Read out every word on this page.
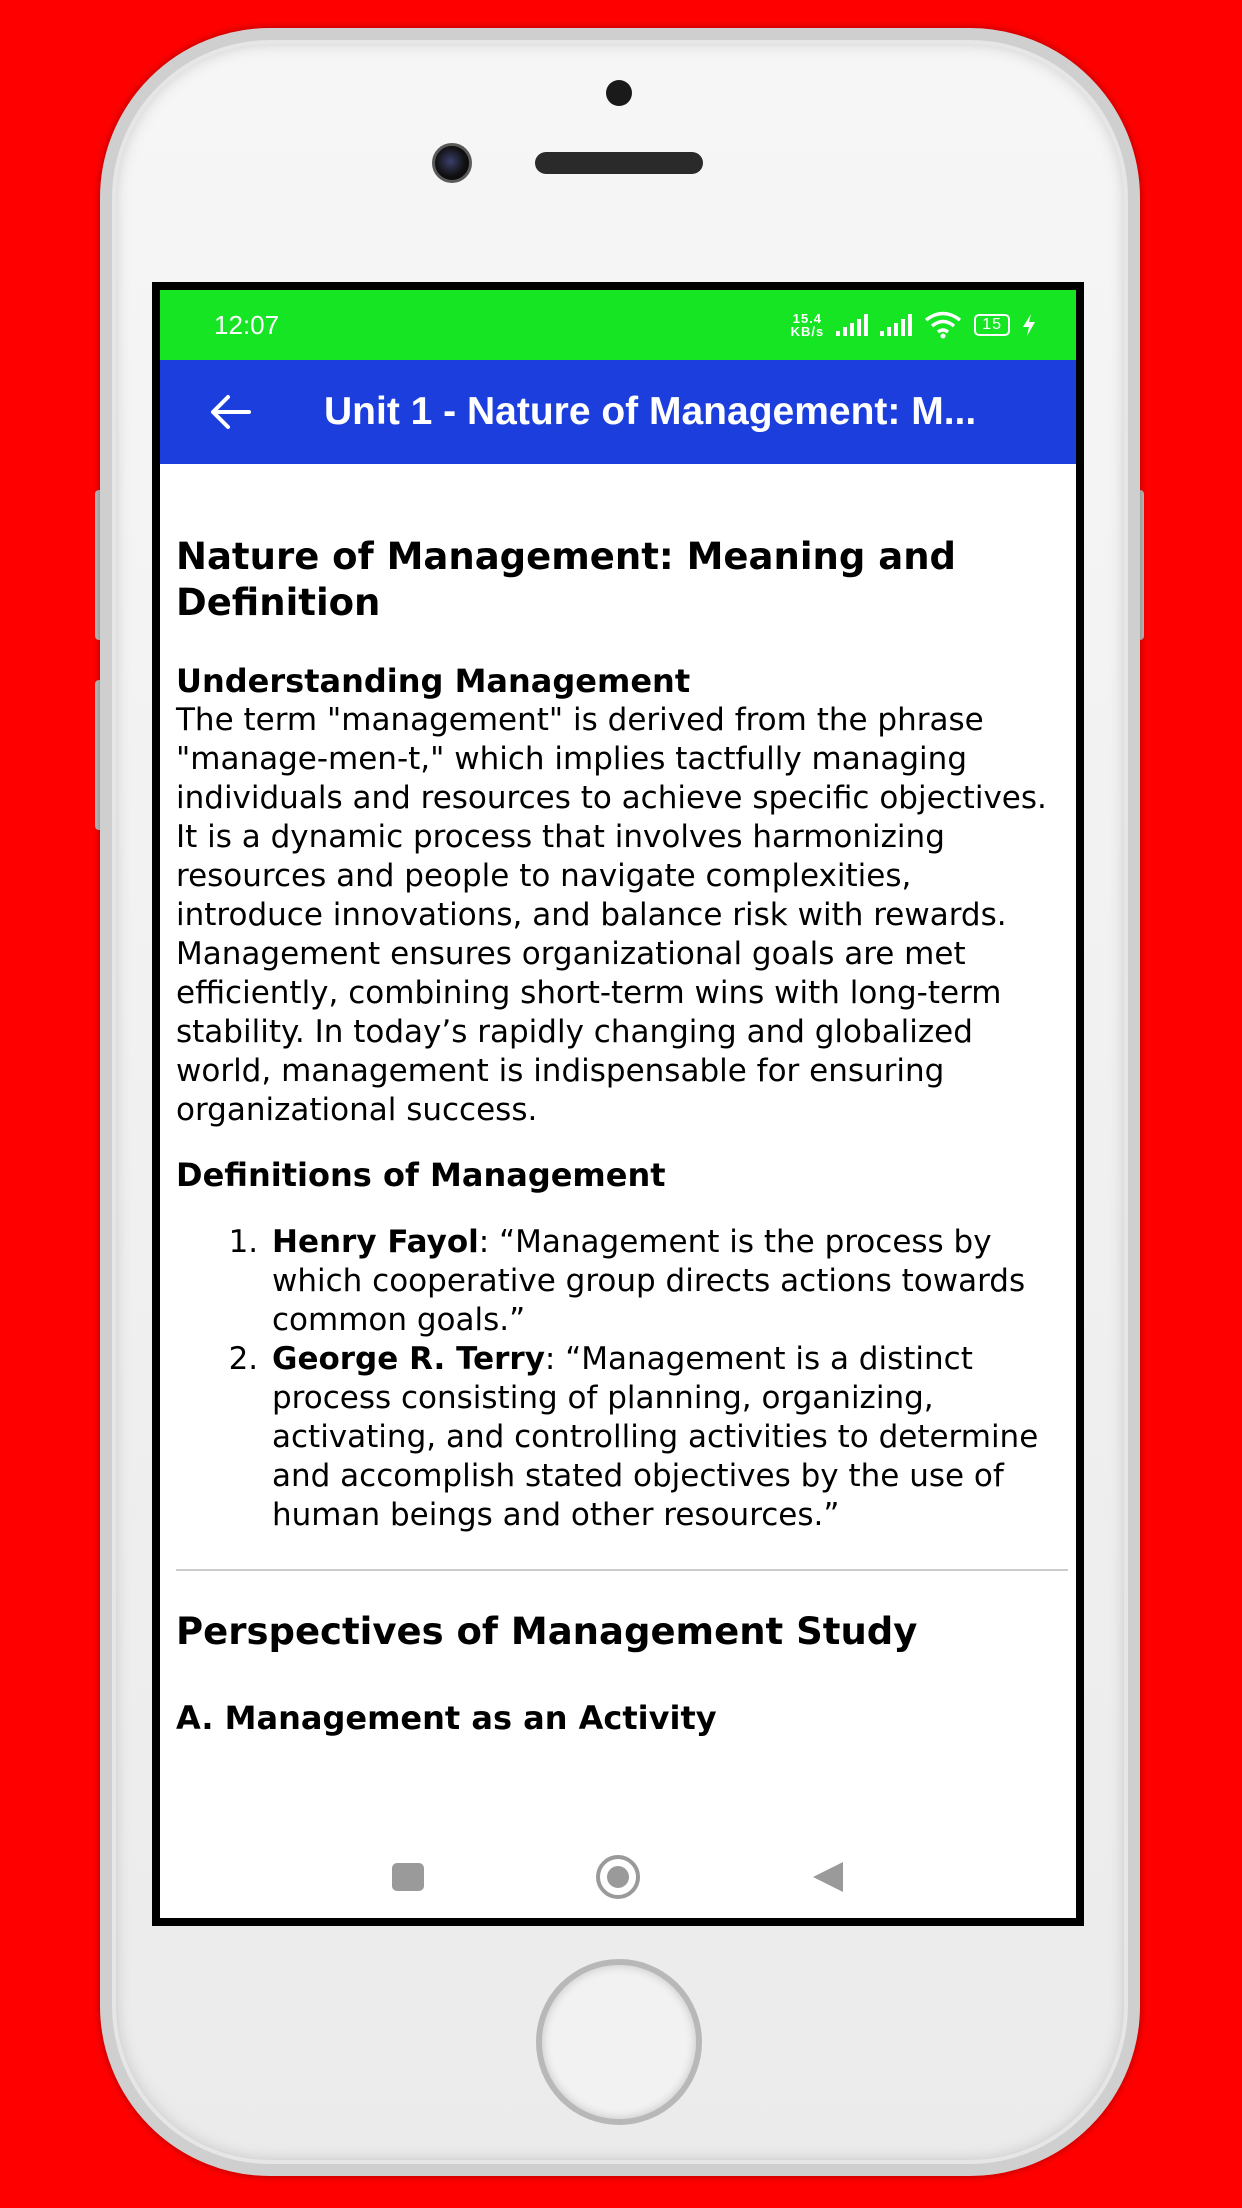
12:07	15.4
KB/s	15
Unit 1 - Nature of Management: M...
Nature of Management: Meaning and Definition
Understanding Management
The term "management" is derived from the phrase "manage-men-t," which implies tactfully managing individuals and resources to achieve specific objectives. It is a dynamic process that involves harmonizing resources and people to navigate complexities, introduce innovations, and balance risk with rewards. Management ensures organizational goals are met efficiently, combining short-term wins with long-term stability. In today’s rapidly changing and globalized world, management is indispensable for ensuring organizational success.
Definitions of Management
1. Henry Fayol: “Management is the process by which cooperative group directs actions towards common goals.”
2. George R. Terry: “Management is a distinct process consisting of planning, organizing, activating, and controlling activities to determine and accomplish stated objectives by the use of human beings and other resources.”
Perspectives of Management Study
A. Management as an Activity
